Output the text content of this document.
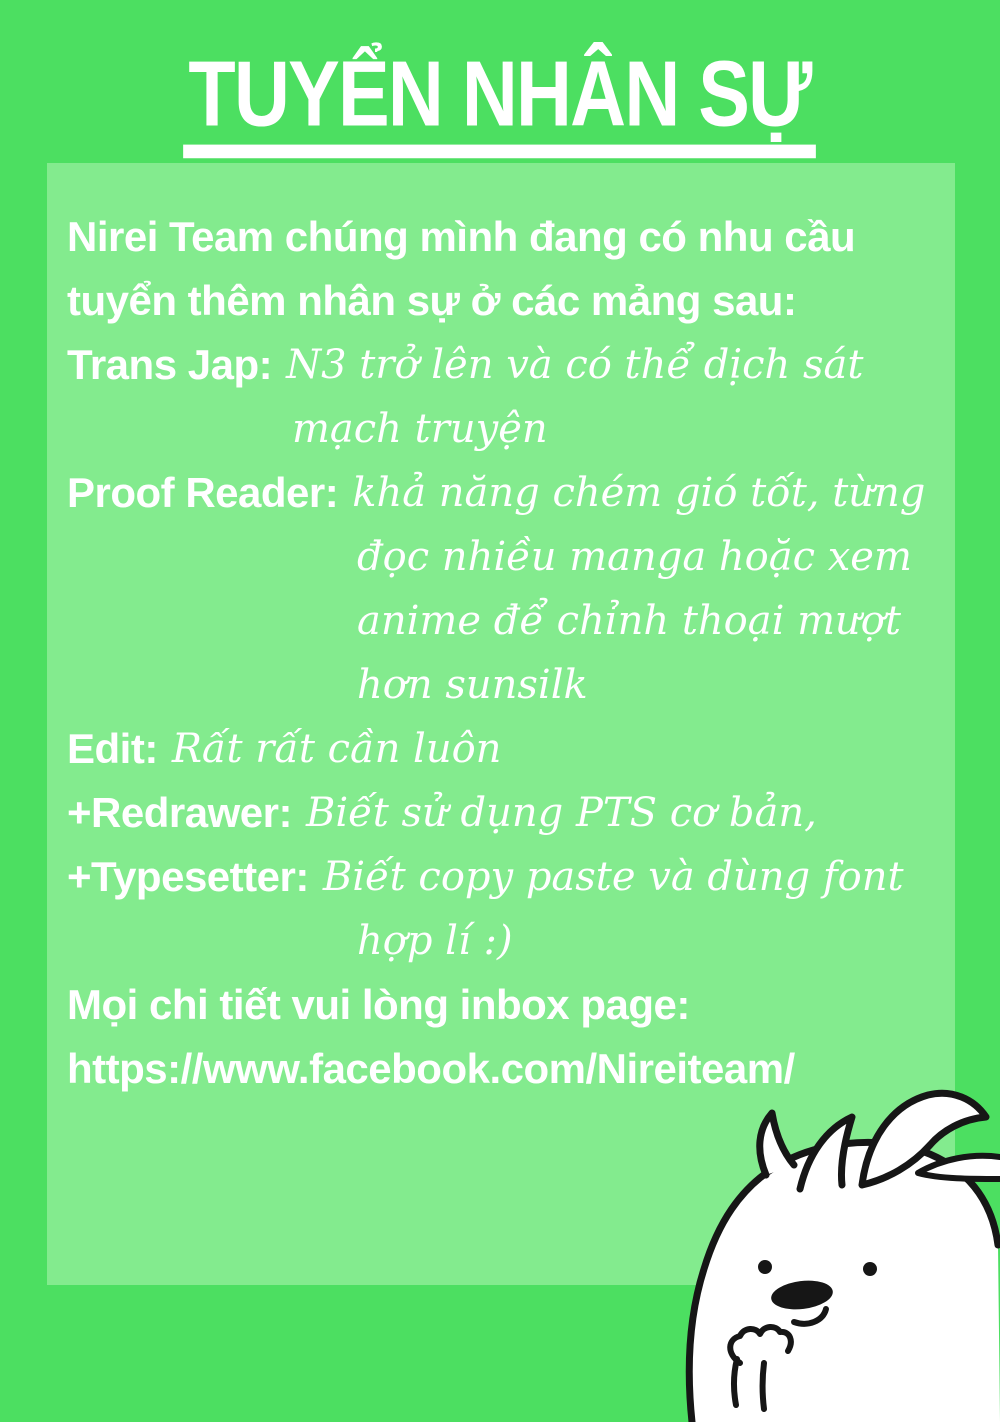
TUYỂN NHÂN SỰ
Nirei Team chúng mình đang có nhu cầu
tuyển thêm nhân sự ở các mảng sau:
Trans Jap: N3 trở lên và có thể dịch sát
mạch truyện
Proof Reader: khả năng chém gió tốt, từng
đọc nhiều manga hoặc xem
anime để chỉnh thoại mượt
hơn sunsilk
Edit: Rất rất cần luôn
+Redrawer: Biết sử dụng PTS cơ bản,
+Typesetter: Biết copy paste và dùng font
hợp lí :)
Mọi chi tiết vui lòng inbox page:
https://www.facebook.com/Nireiteam/
